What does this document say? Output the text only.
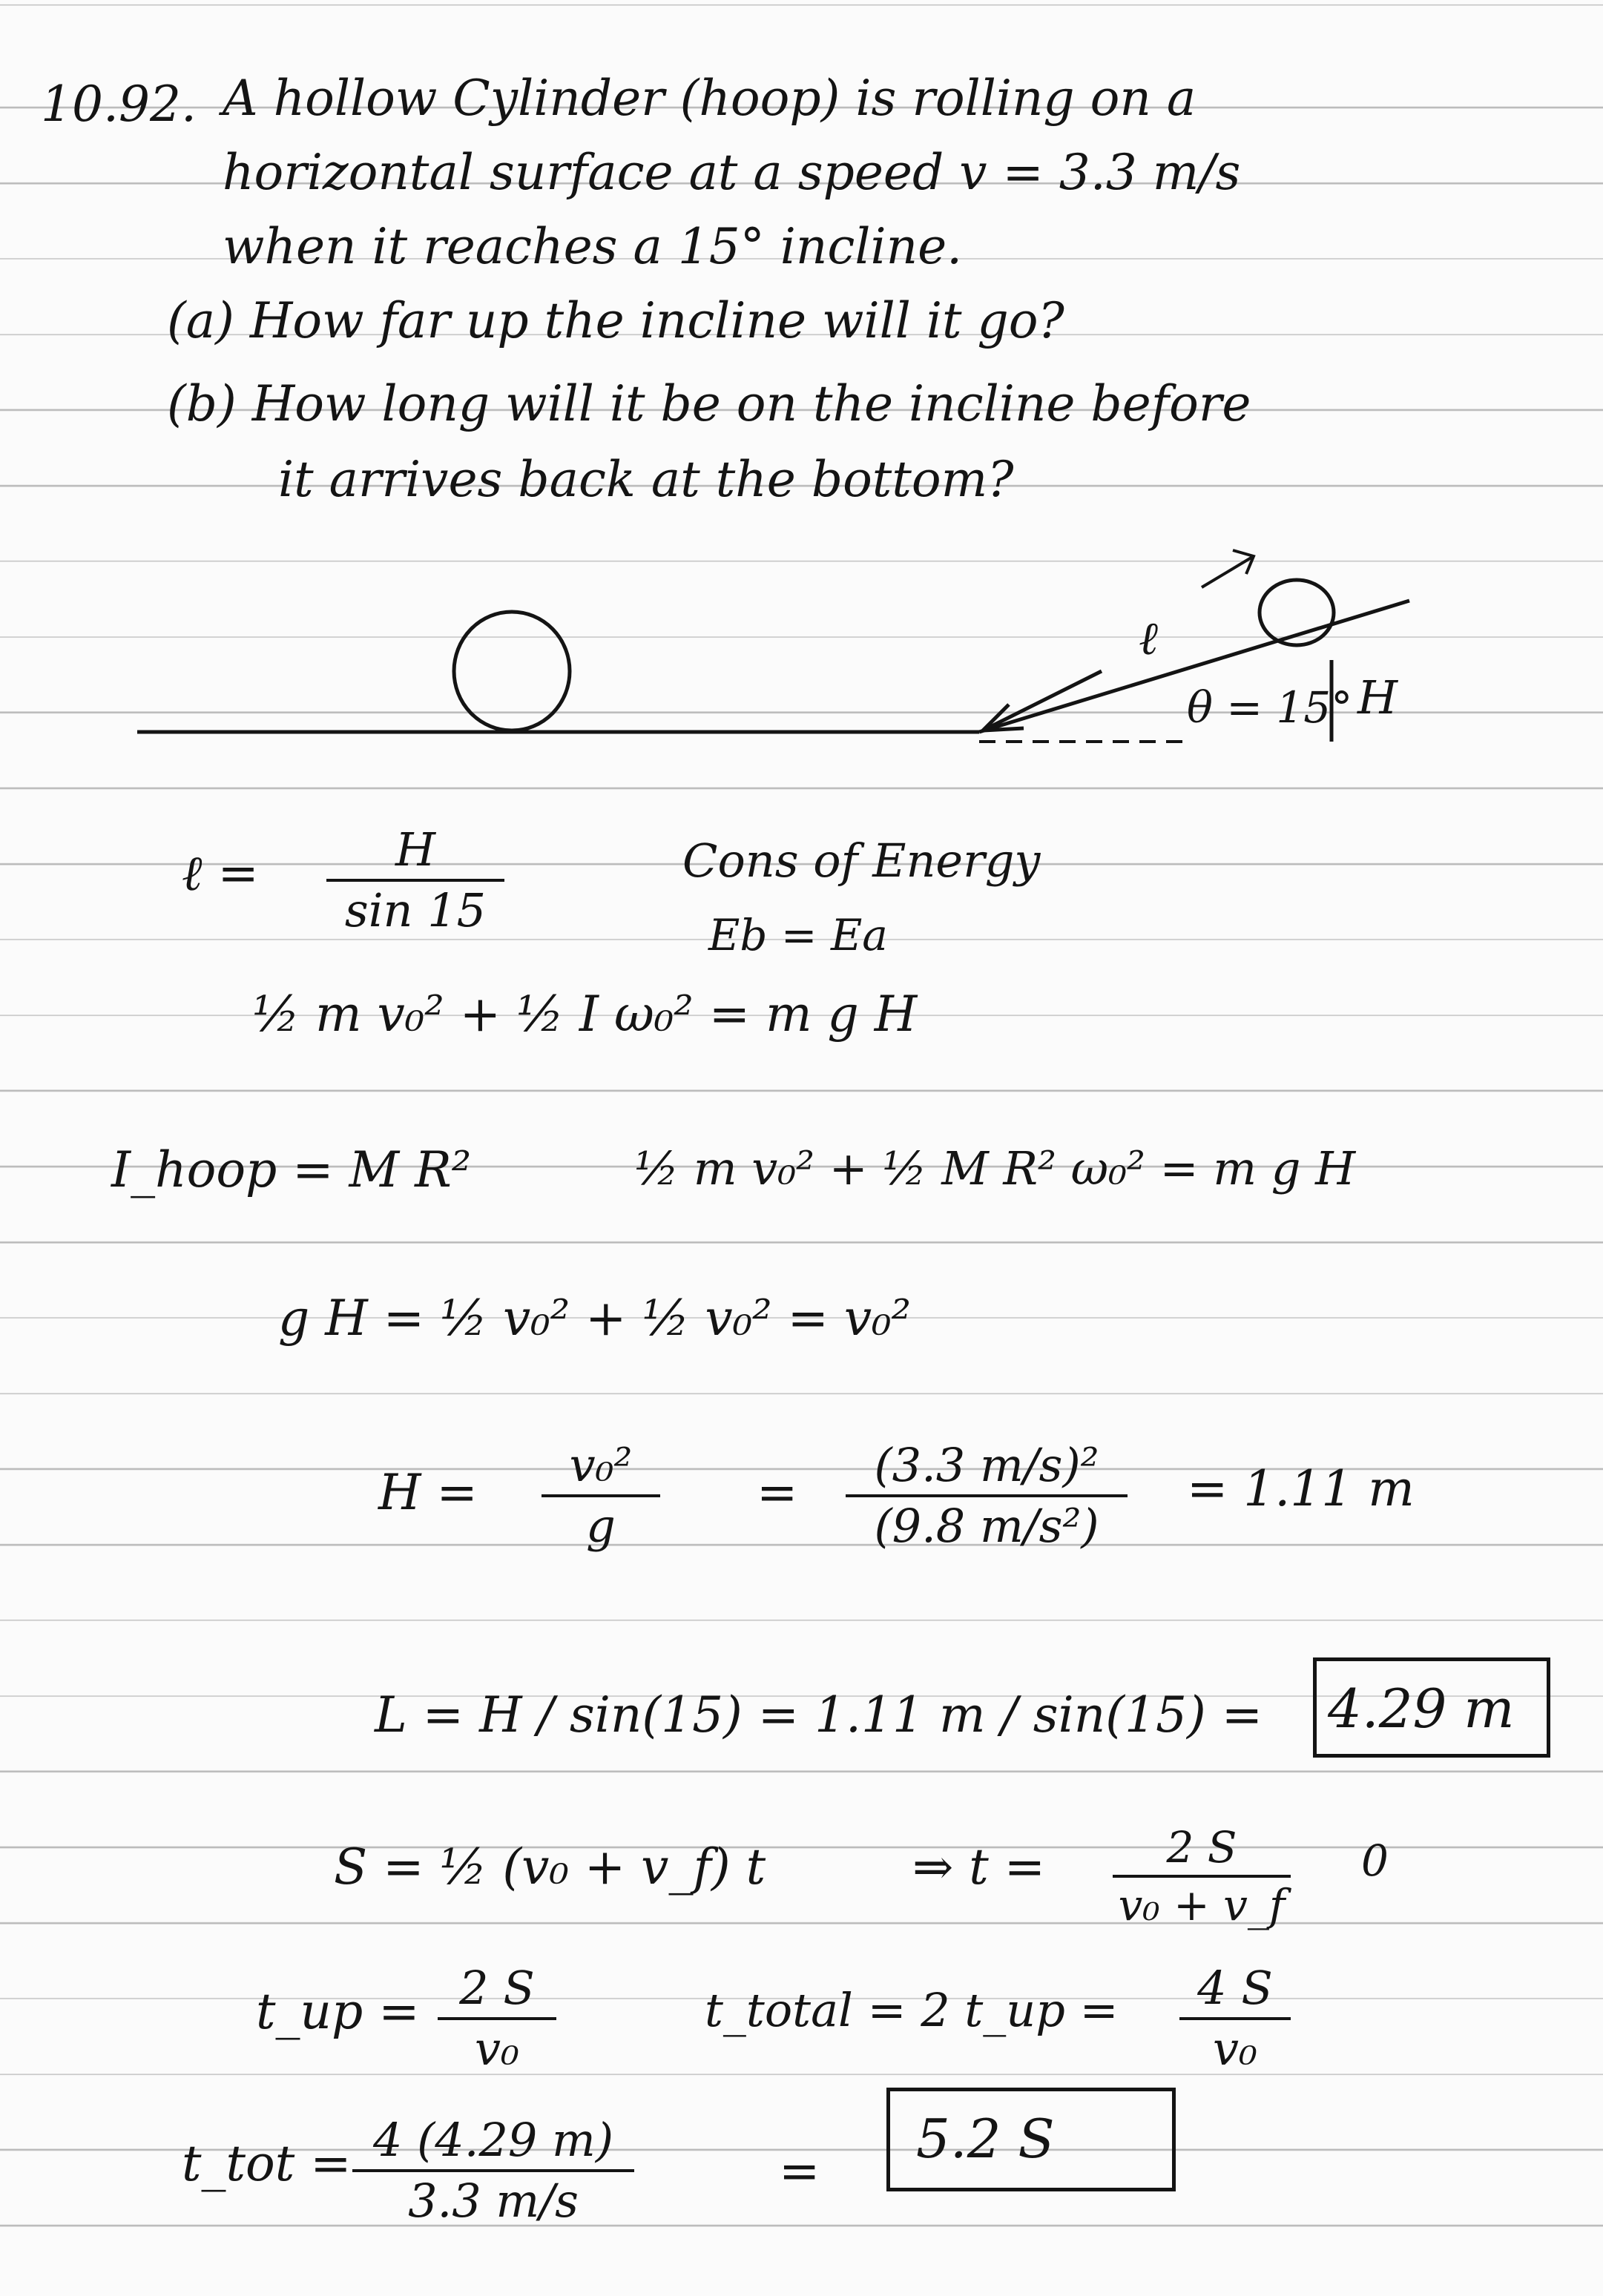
10.92. A hollow Cylinder (hoop) is rolling on a
horizontal surface at a speed v = 3.3 m/s
when it reaches a 15° incline.
(a) How far up the incline will it go?
(b) How long will it be on the incline before
it arrives back at the bottom?
ℓ
θ = 15° H
ℓ =	H
sin 15
Cons of Energy
Eb = Ea
½ m v₀² + ½ I ω₀² = m g H
I_hoop = M R²	½ m v₀² + ½ M R² ω₀² = m g H
g H = ½ v₀² + ½ v₀² = v₀²
H =	v₀²
g
=	(3.3 m/s)²
(9.8 m/s²)
= 1.11 m
L = H / sin(15) = 1.11 m / sin(15) = 4.29 m
S = ½ (v₀ + v_f) t	⇒ t =	2 S
v₀ + v_f
0
t_up = 2 S
v₀
t_total = 2 t_up =	4 S
v₀
t_tot = 4 (4.29 m)
3.3 m/s
=
5.2 S
